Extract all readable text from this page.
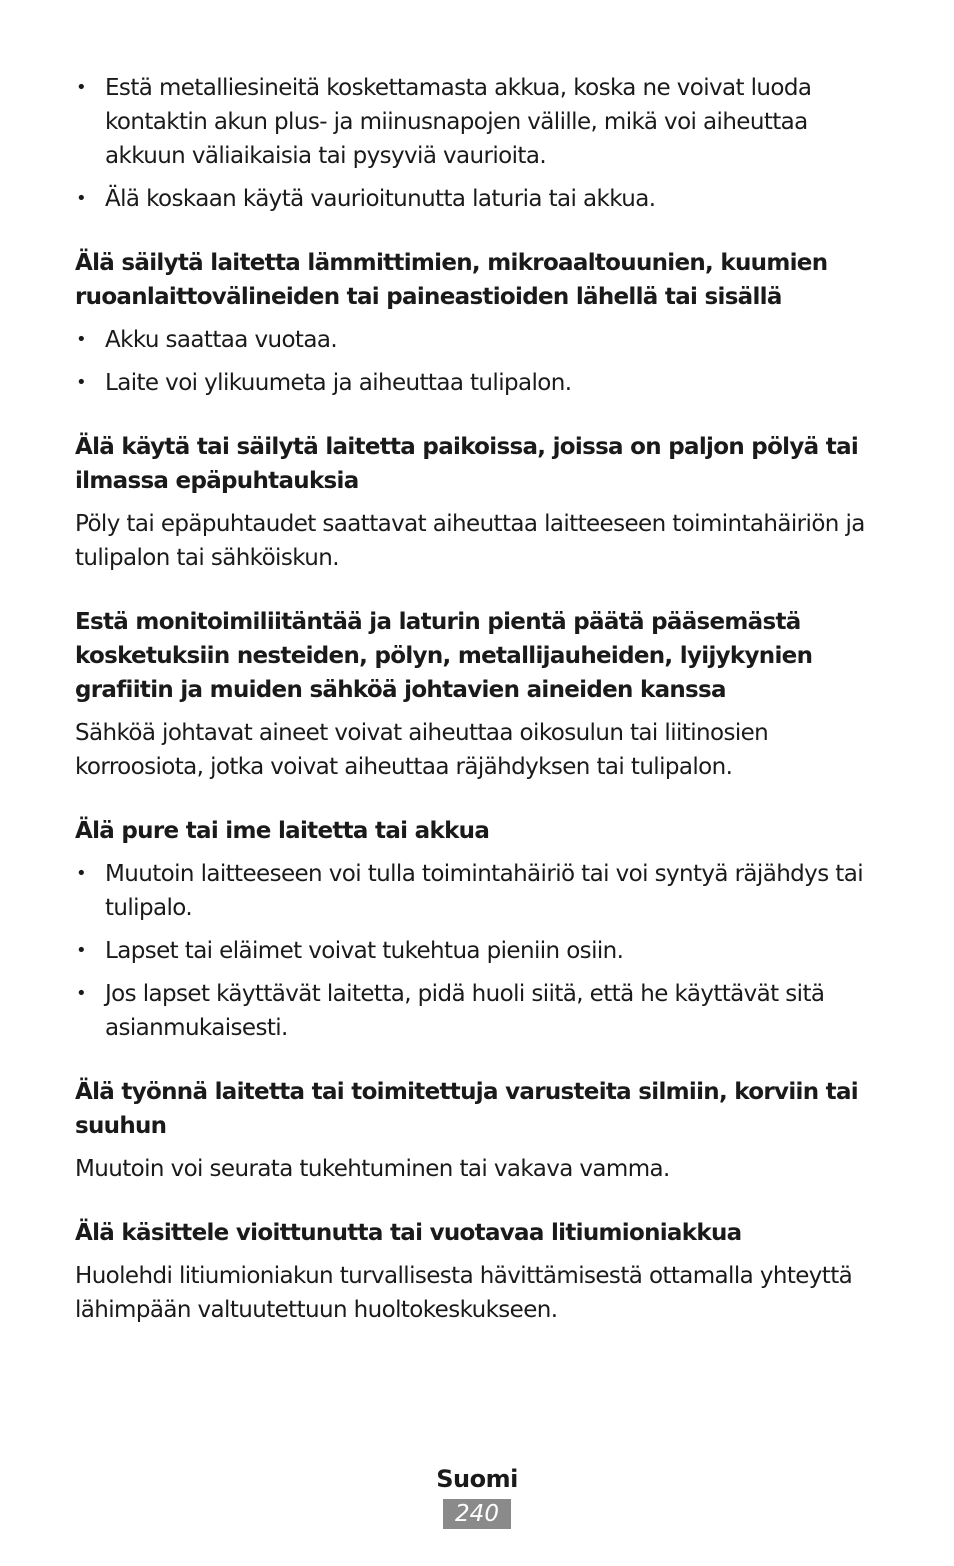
• Estä metalliesineitä koskettamasta akkua, koska ne voivat luoda kontaktin akun plus- ja miinusnapojen välille, mikä voi aiheuttaa akkuun väliaikaisia tai pysyviä vaurioita.
• Älä koskaan käytä vaurioitunutta laturia tai akkua.
Älä säilytä laitetta lämmittimien, mikroaaltouunien, kuumien ruoanlaittovälineiden tai paineastioiden lähellä tai sisällä
• Akku saattaa vuotaa.
• Laite voi ylikuumeta ja aiheuttaa tulipalon.
Älä käytä tai säilytä laitetta paikoissa, joissa on paljon pölyä tai ilmassa epäpuhtauksia
Pöly tai epäpuhtaudet saattavat aiheuttaa laitteeseen toimintahäiriön ja tulipalon tai sähköiskun.
Estä monitoimiliitäntää ja laturin pientä päätä pääsemästä kosketuksiin nesteiden, pölyn, metallijauheiden, lyijykynien grafiitin ja muiden sähköä johtavien aineiden kanssa
Sähköä johtavat aineet voivat aiheuttaa oikosulun tai liitinosien korroosiota, jotka voivat aiheuttaa räjähdyksen tai tulipalon.
Älä pure tai ime laitetta tai akkua
• Muutoin laitteeseen voi tulla toimintahäiriö tai voi syntyä räjähdys tai tulipalo.
• Lapset tai eläimet voivat tukehtua pieniin osiin.
• Jos lapset käyttävät laitetta, pidä huoli siitä, että he käyttävät sitä asianmukaisesti.
Älä työnnä laitetta tai toimitettuja varusteita silmiin, korviin tai suuhun
Muutoin voi seurata tukehtuminen tai vakava vamma.
Älä käsittele vioittunutta tai vuotavaa litiumioniakkua
Huolehdi litiumioniakun turvallisesta hävittämisestä ottamalla yhteyttä lähimpään valtuutettuun huoltokeskukseen.
Suomi
240
